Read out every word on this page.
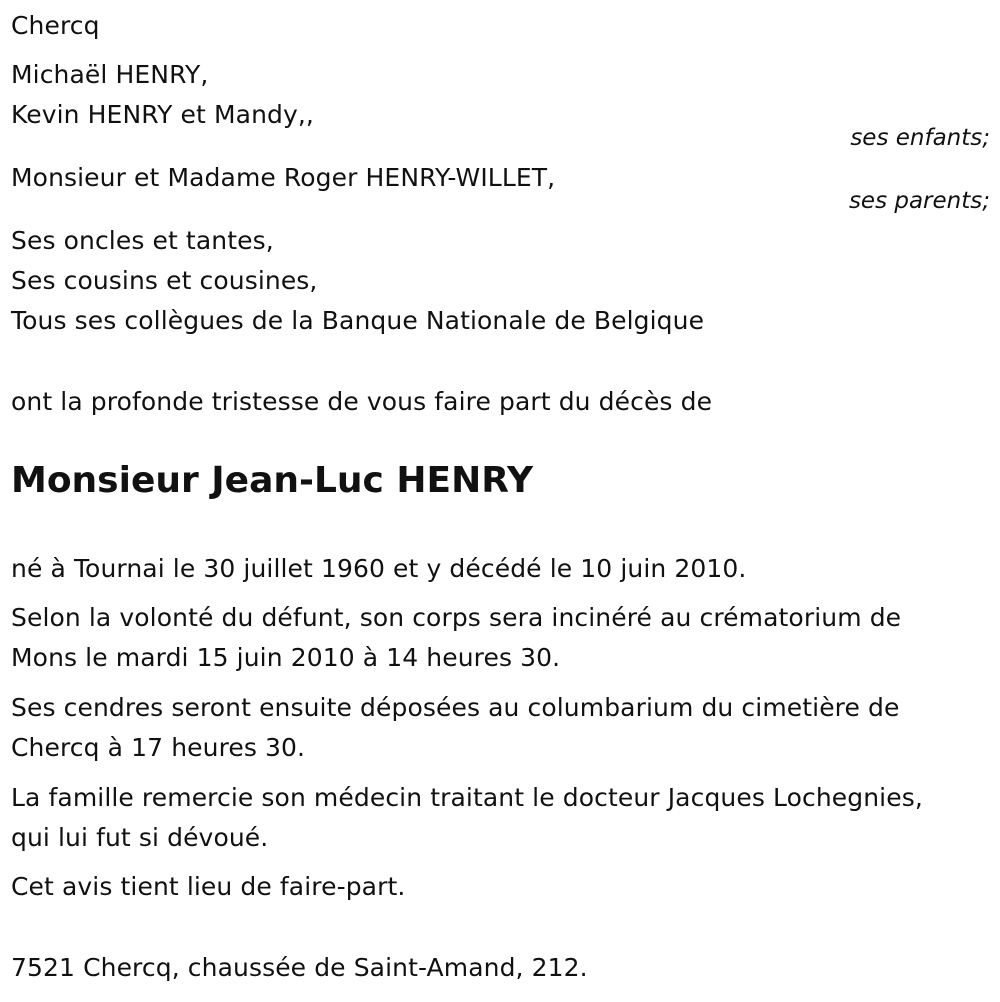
Chercq
Michaël HENRY,
Kevin HENRY et Mandy,,
ses enfants;
Monsieur et Madame Roger HENRY-WILLET,
ses parents;
Ses oncles et tantes,
Ses cousins et cousines,
Tous ses collègues de la Banque Nationale de Belgique
ont la profonde tristesse de vous faire part du décès de
Monsieur Jean-Luc HENRY
né à Tournai le 30 juillet 1960 et y décédé le 10 juin 2010.
Selon la volonté du défunt, son corps sera incinéré au crématorium de
Mons le mardi 15 juin 2010 à 14 heures 30.
Ses cendres seront ensuite déposées au columbarium du cimetière de
Chercq à 17 heures 30.
La famille remercie son médecin traitant le docteur Jacques Lochegnies,
qui lui fut si dévoué.
Cet avis tient lieu de faire-part.
7521 Chercq, chaussée de Saint-Amand, 212.
